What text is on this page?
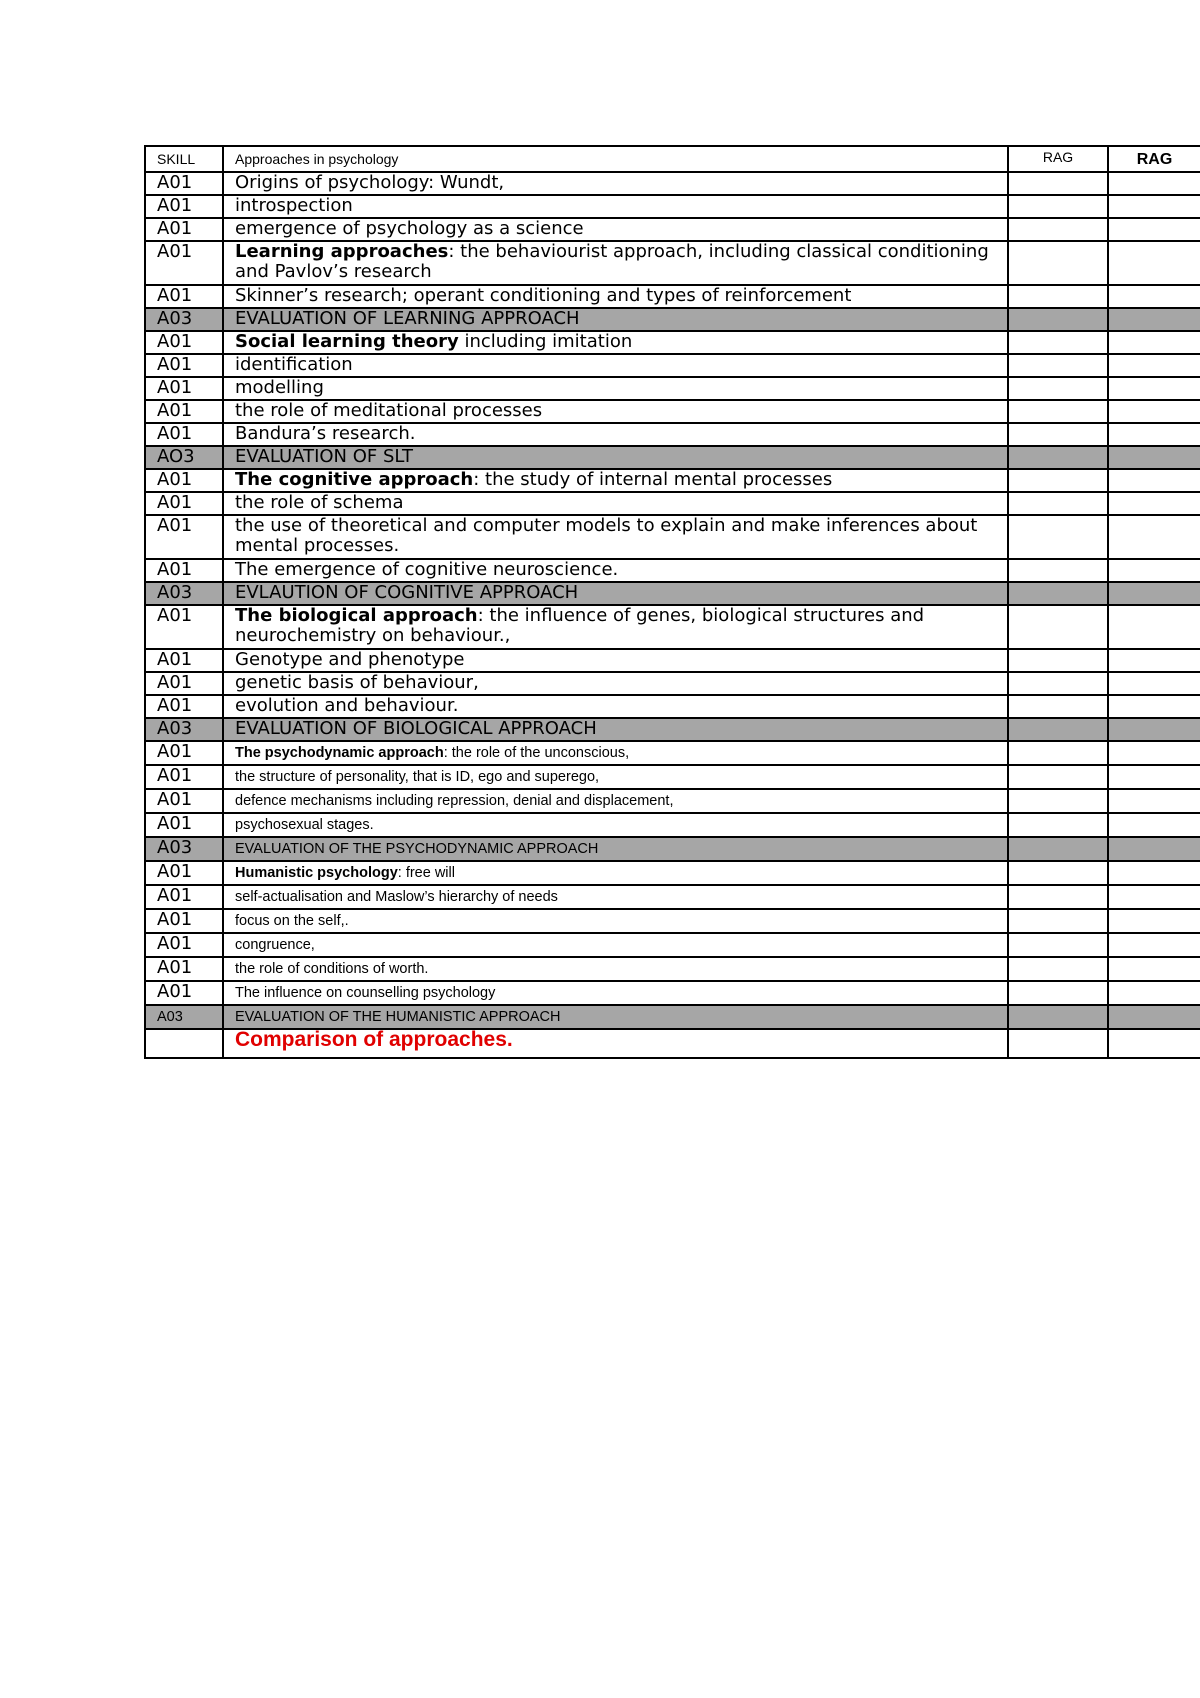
SKILL	Approaches in psychology	RAG	RAG
A01	Origins of psychology: Wundt,		
A01	introspection		
A01	emergence of psychology as a science		
A01	Learning approaches: the behaviourist approach, including classical conditioning and Pavlov’s research		
A01	Skinner’s research; operant conditioning and types of reinforcement		
A03	EVALUATION OF LEARNING APPROACH		
A01	Social learning theory including imitation		
A01	identification		
A01	modelling		
A01	the role of meditational processes		
A01	Bandura’s research.		
AO3	EVALUATION OF SLT		
A01	The cognitive approach: the study of internal mental processes		
A01	the role of schema		
A01	the use of theoretical and computer models to explain and make inferences about mental processes.		
A01	The emergence of cognitive neuroscience.		
A03	EVLAUTION OF COGNITIVE APPROACH		
A01	The biological approach: the influence of genes, biological structures and neurochemistry on behaviour.,		
A01	Genotype and phenotype		
A01	genetic basis of behaviour,		
A01	evolution and behaviour.		
A03	EVALUATION OF BIOLOGICAL APPROACH		
A01	The psychodynamic approach: the role of the unconscious,		
A01	the structure of personality, that is ID, ego and superego,		
A01	defence mechanisms including repression, denial and displacement,		
A01	psychosexual stages.		
A03	EVALUATION OF THE PSYCHODYNAMIC APPROACH		
A01	Humanistic psychology: free will		
A01	self-actualisation and Maslow’s hierarchy of needs		
A01	focus on the self,.		
A01	congruence,		
A01	the role of conditions of worth.		
A01	The influence on counselling psychology		
A03	EVALUATION OF THE HUMANISTIC APPROACH		
	Comparison of approaches.		
